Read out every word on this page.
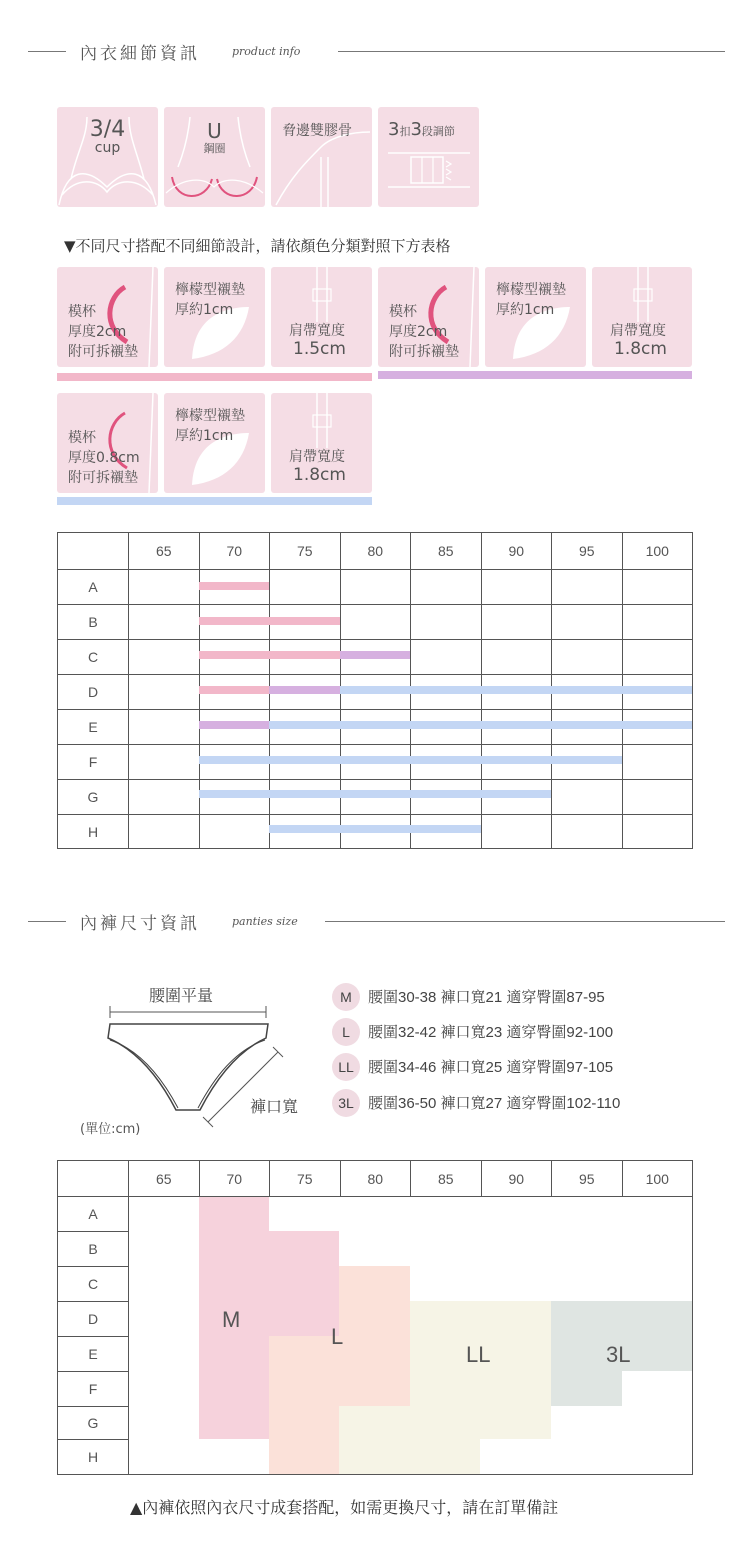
內衣細節資訊	product info
3/4
cup
U
鋼圈
脅邊雙膠骨 3扣3段調節
▼不同尺寸搭配不同細節設計，請依顏色分類對照下方表格
模杯
厚度2cm
附可拆襯墊
檸檬型襯墊
厚約1cm
肩帶寬度
1.5cm
模杯
厚度2cm
附可拆襯墊
檸檬型襯墊
厚約1cm
肩帶寬度
1.8cm
模杯
厚度0.8cm
附可拆襯墊
檸檬型襯墊
厚約1cm
肩帶寬度
1.8cm
	65	70	75	80	85	90	95	100
A								
B								
C								
D								
E								
F								
G								
H								
內褲尺寸資訊	panties size
腰圍平量
褲口寬
(單位:cm)
M 腰圍30-38 褲口寬21 適穿臀圍87-95
L 腰圍32-42 褲口寬23 適穿臀圍92-100
LL 腰圍34-46 褲口寬25 適穿臀圍97-105
3L 腰圍36-50 褲口寬27 適穿臀圍102-110
	65	70	75	80	85	90	95	100
A								
B								
C								
D								
E								
F								
G								
H								
M
L
LL	3L
▲內褲依照內衣尺寸成套搭配，如需更換尺寸，請在訂單備註
